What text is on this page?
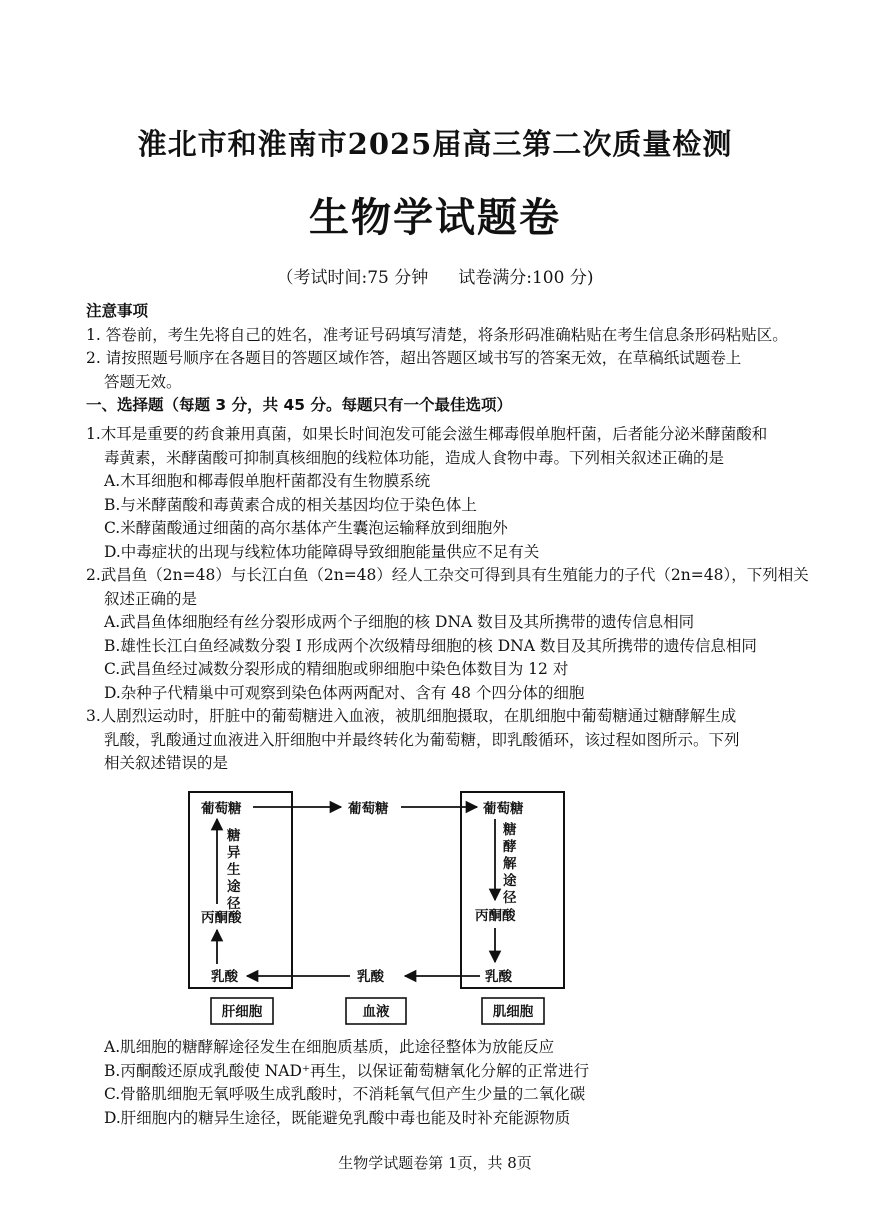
淮北市和淮南市2025届高三第二次质量检测
生物学试题卷
（考试时间:75 分钟 试卷满分:100 分)
注意事项
1. 答卷前，考生先将自己的姓名，准考证号码填写清楚，将条形码准确粘贴在考生信息条形码粘贴区。
2. 请按照题号顺序在各题目的答题区域作答，超出答题区域书写的答案无效，在草稿纸试题卷上
答题无效。
一、选择题（每题 3 分，共 45 分。每题只有一个最佳选项）
1.木耳是重要的药食兼用真菌，如果长时间泡发可能会滋生椰毒假单胞杆菌，后者能分泌米酵菌酸和
毒黄素，米酵菌酸可抑制真核细胞的线粒体功能，造成人食物中毒。下列相关叙述正确的是
A.木耳细胞和椰毒假单胞杆菌都没有生物膜系统
B.与米酵菌酸和毒黄素合成的相关基因均位于染色体上
C.米酵菌酸通过细菌的高尔基体产生囊泡运输释放到细胞外
D.中毒症状的出现与线粒体功能障碍导致细胞能量供应不足有关
2.武昌鱼（2n=48）与长江白鱼（2n=48）经人工杂交可得到具有生殖能力的子代（2n=48），下列相关
叙述正确的是
A.武昌鱼体细胞经有丝分裂形成两个子细胞的核 DNA 数目及其所携带的遗传信息相同
B.雄性长江白鱼经减数分裂 I 形成两个次级精母细胞的核 DNA 数目及其所携带的遗传信息相同
C.武昌鱼经过减数分裂形成的精细胞或卵细胞中染色体数目为 12 对
D.杂种子代精巢中可观察到染色体两两配对、含有 48 个四分体的细胞
3.人剧烈运动时，肝脏中的葡萄糖进入血液，被肌细胞摄取，在肌细胞中葡萄糖通过糖酵解生成
乳酸，乳酸通过血液进入肝细胞中并最终转化为葡萄糖，即乳酸循环，该过程如图所示。下列
相关叙述错误的是
葡萄糖	葡萄糖	葡萄糖
糖
异
生
途
径
糖
酵
解
途
径
丙酮酸	丙酮酸
乳酸	乳酸	乳酸
肝细胞	血液	肌细胞
A.肌细胞的糖酵解途径发生在细胞质基质，此途径整体为放能反应
B.丙酮酸还原成乳酸使 NAD⁺再生，以保证葡萄糖氧化分解的正常进行
C.骨骼肌细胞无氧呼吸生成乳酸时，不消耗氧气但产生少量的二氧化碳
D.肝细胞内的糖异生途径，既能避免乳酸中毒也能及时补充能源物质
生物学试题卷第 1页，共 8页
